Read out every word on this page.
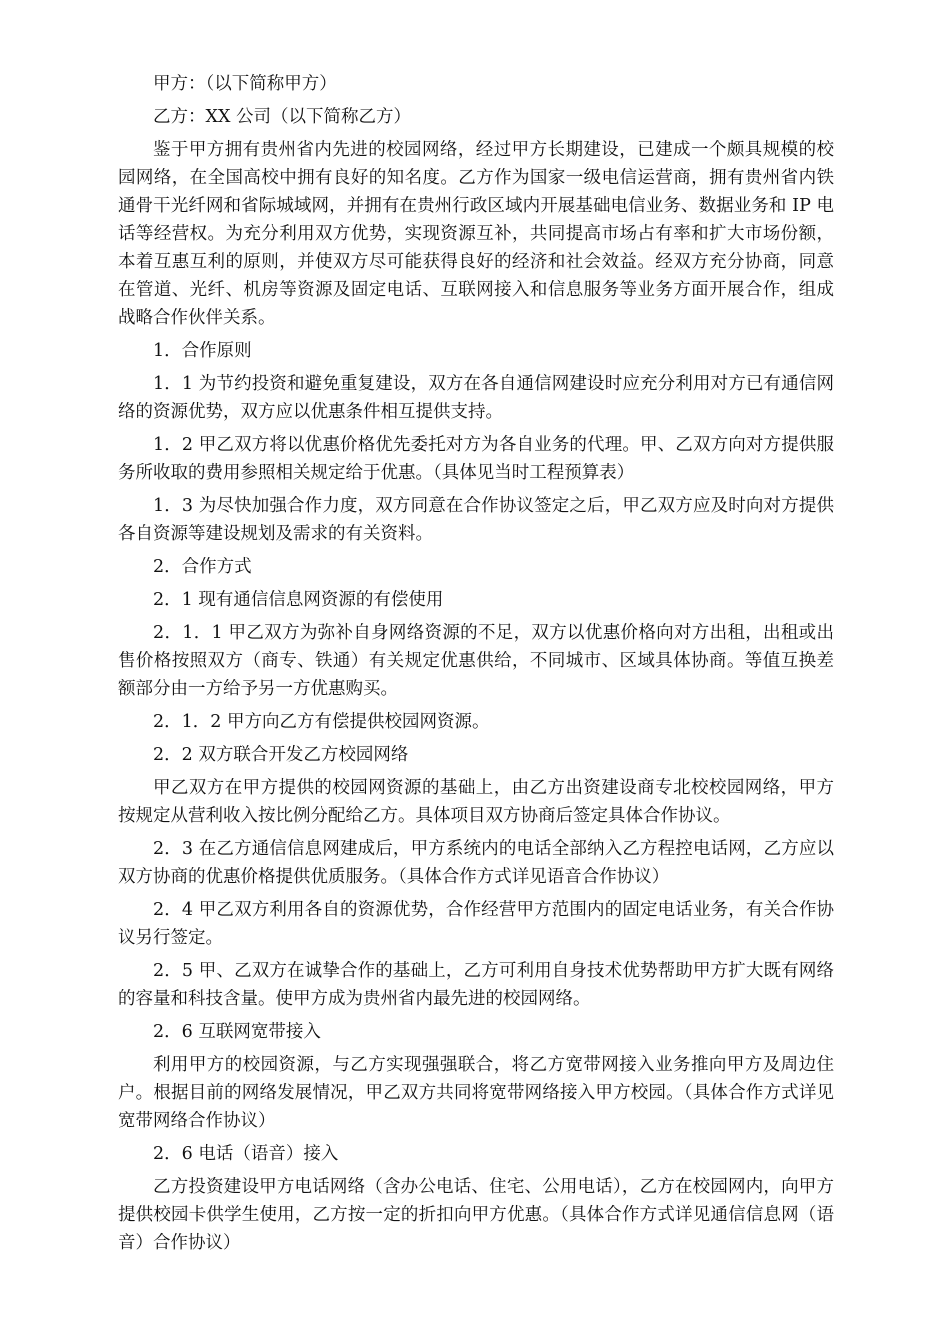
甲方：（以下简称甲方）

乙方：XX 公司（以下简称乙方）

鉴于甲方拥有贵州省内先进的校园网络，经过甲方长期建设，已建成一个颇具规模的校园网络，在全国高校中拥有良好的知名度。乙方作为国家一级电信运营商，拥有贵州省内铁通骨干光纤网和省际城域网，并拥有在贵州行政区域内开展基础电信业务、数据业务和 IP 电话等经营权。为充分利用双方优势，实现资源互补，共同提高市场占有率和扩大市场份额，本着互惠互利的原则，并使双方尽可能获得良好的经济和社会效益。经双方充分协商，同意在管道、光纤、机房等资源及固定电话、互联网接入和信息服务等业务方面开展合作，组成战略合作伙伴关系。

1．合作原则

1．1 为节约投资和避免重复建设，双方在各自通信网建设时应充分利用对方已有通信网络的资源优势，双方应以优惠条件相互提供支持。

1．2 甲乙双方将以优惠价格优先委托对方为各自业务的代理。甲、乙双方向对方提供服务所收取的费用参照相关规定给于优惠。（具体见当时工程预算表）

1．3 为尽快加强合作力度，双方同意在合作协议签定之后，甲乙双方应及时向对方提供各自资源等建设规划及需求的有关资料。

2．合作方式

2．1 现有通信信息网资源的有偿使用

2．1．1 甲乙双方为弥补自身网络资源的不足，双方以优惠价格向对方出租，出租或出售价格按照双方（商专、铁通）有关规定优惠供给，不同城市、区域具体协商。等值互换差额部分由一方给予另一方优惠购买。

2．1．2 甲方向乙方有偿提供校园网资源。

2．2 双方联合开发乙方校园网络

甲乙双方在甲方提供的校园网资源的基础上，由乙方出资建设商专北校校园网络，甲方按规定从营利收入按比例分配给乙方。具体项目双方协商后签定具体合作协议。

2．3 在乙方通信信息网建成后，甲方系统内的电话全部纳入乙方程控电话网，乙方应以双方协商的优惠价格提供优质服务。（具体合作方式详见语音合作协议）

2．4 甲乙双方利用各自的资源优势，合作经营甲方范围内的固定电话业务，有关合作协议另行签定。

2．5 甲、乙双方在诚挚合作的基础上，乙方可利用自身技术优势帮助甲方扩大既有网络的容量和科技含量。使甲方成为贵州省内最先进的校园网络。

2．6 互联网宽带接入

利用甲方的校园资源，与乙方实现强强联合，将乙方宽带网接入业务推向甲方及周边住户。根据目前的网络发展情况，甲乙双方共同将宽带网络接入甲方校园。（具体合作方式详见宽带网络合作协议）

2．6 电话（语音）接入

乙方投资建设甲方电话网络（含办公电话、住宅、公用电话），乙方在校园网内，向甲方提供校园卡供学生使用，乙方按一定的折扣向甲方优惠。（具体合作方式详见通信信息网（语音）合作协议）
